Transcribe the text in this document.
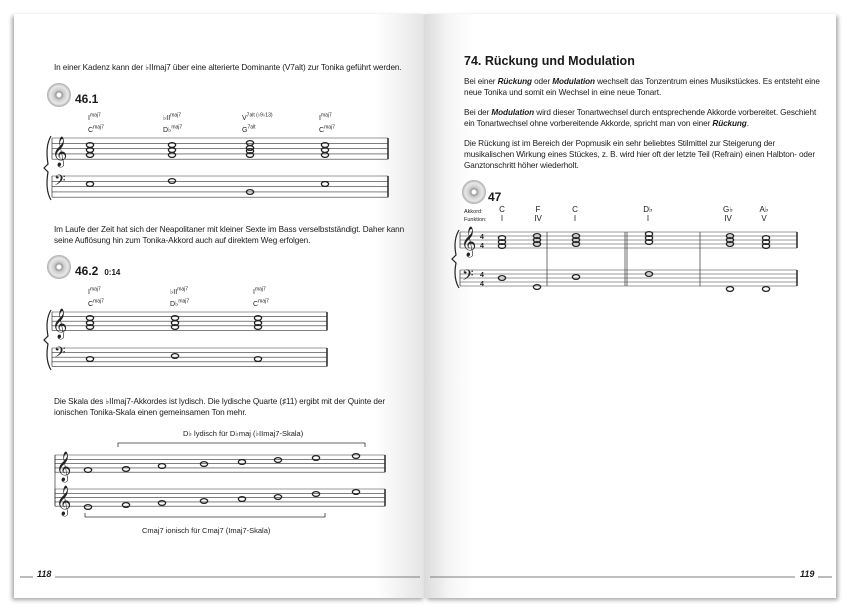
In einer Kadenz kann der ♭IImaj7 über eine alterierte Dominante (V7alt) zur Tonika geführt werden.
46.1
$I^{maj7}$
$C^{maj7}$
$♭II^{maj7}$
D♭$^{maj7}$
$V^{7alt (♭9♭13)}$
$G^{7alt}$
$I^{maj7}$
$C^{maj7}$
Im Laufe der Zeit hat sich der Neapolitaner mit kleiner Sexte im Bass verselbstständigt. Daher kann seine Auflösung hin zum Tonika-Akkord auch auf direktem Weg erfolgen.
46.2 0:14
$I^{maj7}$
$C^{maj7}$
$♭II^{maj7}$
D♭$^{maj7}$
$I^{maj7}$
$C^{maj7}$
Die Skala des ♭IImaj7-Akkordes ist lydisch. Die lydische Quarte (♯11) ergibt mit der Quinte der ionischen Tonika-Skala einen gemeinsamen Ton mehr.
D♭ lydisch für D♭maj (♭IImaj7-Skala)
Cmaj7 ionisch für Cmaj7 (Imaj7-Skala)
118
74. Rückung und Modulation
Bei einer Rückung oder Modulation wechselt das Tonzentrum eines Musikstückes. Es entsteht eine neue Tonika und somit ein Wechsel in eine neue Tonart.
Bei der Modulation wird dieser Tonartwechsel durch entsprechende Akkorde vorbereitet. Geschieht ein Tonartwechsel ohne vorbereitende Akkorde, spricht man von einer Rückung.
Die Rückung ist im Bereich der Popmusik ein sehr beliebtes Stilmittel zur Steigerung der musikalischen Wirkung eines Stückes, z. B. wird hier oft der letzte Teil (Refrain) einen Halbton- oder Ganztonschritt höher wiederholt.
47
Akkord:
Funktion:
C
I
F
IV
C
I
D♭
I
G♭
IV
A♭
V
119
𝄞
𝄢
𝄞
𝄢
𝄞
𝄞
𝄞
𝄢
4
4
4
4
